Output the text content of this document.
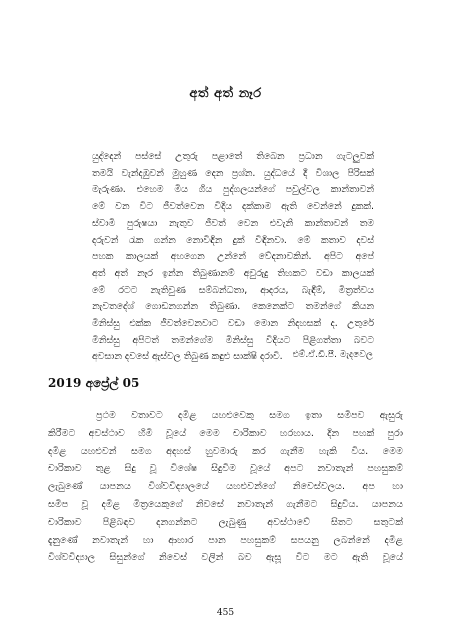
අත් අත් නෑර
යුද්දෙන් පස්සේ උතුරු පළාතේ තිබෙන ප්‍රධාන ගැටලුවක්
තමයි වැන්දඹුවන් මුහුණ දෙන ප්‍රශ්න. යුද්ධයේ දී විශාල පිරිසක්
මැරුණා. එහෙම මිය ගිය පුද්ගලයන්ගේ පවුල්වල කාන්තාවන්
මේ වන විට ජීවත්වෙන විදිය දක්කාම ඇති වෙන්නේ දුකක්.
ස්වාමි පුරුෂයා නැතුව ජීවත් වෙන එවැනි කාන්තාවන් තම
දරුවන් රැක ගන්න නොවිඳින දුක් විඳිනවා. මේ කතාව දවස්
පහක කාලයක් අහගෙන උන්නේ වේදනාවකින්. අපිට අපේ
අත් අත් නෑර ඉන්න තිබුණානම් අවුරුදු තිහකට වඩා කාලයක්
මේ රටට නැතිවුණ සම්බන්ධතා, ආදරය, බැඳීම්, මිත්‍රත්වය
නැවතදේශ් ගොඩනගන්න තිබුණා. කෙනෙක්ට තමන්ගේ කියන
මිනිස්සු එක්ක ජීවත්වෙනවාට වඩා මොන නිදහසක් ද. උතුරේ
මිනිස්සු අපිටත් තමන්ගේම මිනිස්සු විදියට පිළිගත්තා බවට
අවසාන දවසේ ඇස්වල තිබුණ කඳුළු සාක්ෂි දරාවි.	එම්.ඒ.ඩී.පී. මැදවෙල
2019 අප්‍රේල් 05
ප්‍රථම වතාවට දමිළ යහළුවෙකු සමග ඉතා සමීපව ඇසුරු
කිරීමට අවස්ථාව හිමි වූයේ මෙම චාරිකාව හරහාය. දින පහක් පුරා
දමිළ යහළුවන් සමග අදහස් හුවමාරු කර ගැනීම හැකි විය. මෙම
චාරිකාව තුළ සිදු වූ විශේෂ සිදුවීම වූයේ අපට නවාතැන් පහසුකම්
ලැබුණේ යාපනය විශ්වවිද්‍යාලයේ යහළුවන්ගේ නිවෙස්වලය. අප හා
සමීප වූ දමිළ මිත්‍රයෙකුගේ නිවසේ නවාතැන් ගැනීමට සිදුවිය. යාපනය
චාරිකාව පිළිබඳව දනගන්නට ලැබුණු අවස්ථාවේ සිතට සතුටක්
දැනුණේ නවාතැන් හා ආහාර පාන පහසුකම් සපයනු ලබන්නේ දමිළ
විශ්වවිද්‍යාල සිසුන්ගේ නිවෙස් වලින් බව ඇසූ විට මට ඇති වූයේ
455
